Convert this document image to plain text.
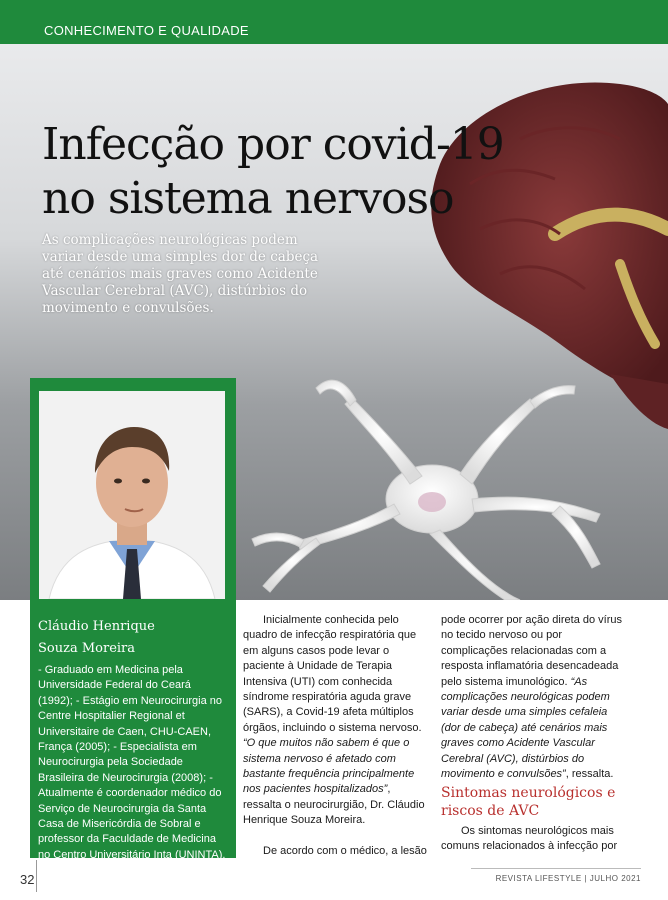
CONHECIMENTO E QUALIDADE
Infecção por covid-19
no sistema nervoso
As complicações neurológicas podem variar desde uma simples dor de cabeça até cenários mais graves como Acidente Vascular Cerebral (AVC), distúrbios do movimento e convulsões.
Cláudio Henrique
Souza Moreira
- Graduado em Medicina pela Universidade Federal do Ceará (1992); - Estágio em Neurocirurgia no Centre Hospitalier Regional et Universitaire de Caen, CHU-CAEN, França (2005); - Especialista em Neurocirurgia pela Sociedade Brasileira de Neurocirurgia (2008); - Atualmente é coordenador médico do Serviço de Neurocirurgia da Santa Casa de Misericórdia de Sobral e professor da Faculdade de Medicina no Centro Universitário Inta (UNINTA).

Inicialmente conhecida pelo quadro de infecção respiratória que em alguns casos pode levar o paciente à Unidade de Terapia Intensiva (UTI) com conhecida síndrome respiratória aguda grave (SARS), a Covid-19 afeta múltiplos órgãos, incluindo o sistema nervoso. “O que muitos não sabem é que o sistema nervoso é afetado com bastante frequência principalmente nos pacientes hospitalizados”, ressalta o neurocirurgião, Dr. Cláudio Henrique Souza Moreira.

De acordo com o médico, a lesão

pode ocorrer por ação direta do vírus no tecido nervoso ou por complicações relacionadas com a resposta inflamatória desencadeada pelo sistema imunológico. “As complicações neurológicas podem variar desde uma simples cefaleia (dor de cabeça) até cenários mais graves como Acidente Vascular Cerebral (AVC), distúrbios do movimento e convulsões”, ressalta.

Sintomas neurológicos e riscos de AVC

Os sintomas neurológicos mais comuns relacionados à infecção por

32	REVISTA LIFESTYLE | JULHO 2021
